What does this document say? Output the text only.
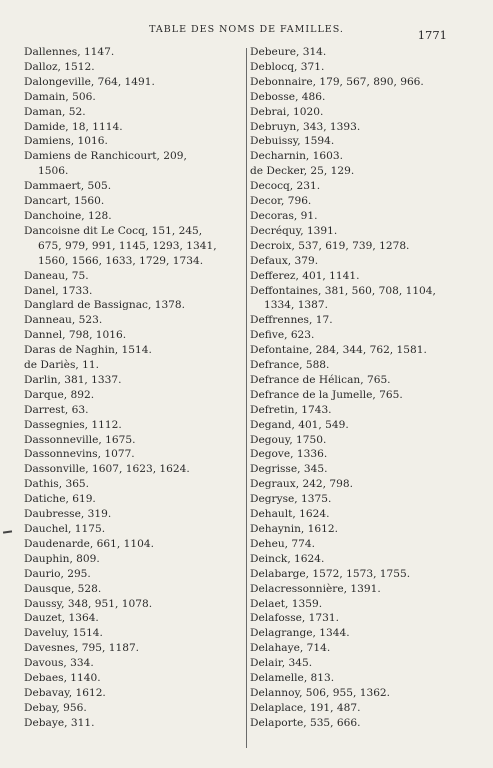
TABLE DES NOMS DE FAMILLES.	1771
Dallennes, 1147.
Dalloz, 1512.
Dalongeville, 764, 1491.
Damain, 506.
Daman, 52.
Damide, 18, 1114.
Damiens, 1016.
Damiens de Ranchicourt, 209,
1506.
Dammaert, 505.
Dancart, 1560.
Danchoine, 128.
Dancoisne dit Le Cocq, 151, 245,
675, 979, 991, 1145, 1293, 1341,
1560, 1566, 1633, 1729, 1734.
Daneau, 75.
Danel, 1733.
Danglard de Bassignac, 1378.
Danneau, 523.
Dannel, 798, 1016.
Daras de Naghin, 1514.
de Dariès, 11.
Darlin, 381, 1337.
Darque, 892.
Darrest, 63.
Dassegnies, 1112.
Dassonneville, 1675.
Dassonnevins, 1077.
Dassonville, 1607, 1623, 1624.
Dathis, 365.
Datiche, 619.
Daubresse, 319.
Dauchel, 1175.
Daudenarde, 661, 1104.
Dauphin, 809.
Daurio, 295.
Dausque, 528.
Daussy, 348, 951, 1078.
Dauzet, 1364.
Daveluy, 1514.
Davesnes, 795, 1187.
Davous, 334.
Debaes, 1140.
Debavay, 1612.
Debay, 956.
Debaye, 311.
Debeure, 314.
Deblocq, 371.
Debonnaire, 179, 567, 890, 966.
Debosse, 486.
Debrai, 1020.
Debruyn, 343, 1393.
Debuissy, 1594.
Decharnin, 1603.
de Decker, 25, 129.
Decocq, 231.
Decor, 796.
Decoras, 91.
Decréquy, 1391.
Decroix, 537, 619, 739, 1278.
Defaux, 379.
Defferez, 401, 1141.
Deffontaines, 381, 560, 708, 1104,
1334, 1387.
Deffrennes, 17.
Defive, 623.
Defontaine, 284, 344, 762, 1581.
Defrance, 588.
Defrance de Hélican, 765.
Defrance de la Jumelle, 765.
Defretin, 1743.
Degand, 401, 549.
Degouy, 1750.
Degove, 1336.
Degrisse, 345.
Degraux, 242, 798.
Degryse, 1375.
Dehault, 1624.
Dehaynin, 1612.
Deheu, 774.
Deinck, 1624.
Delabarge, 1572, 1573, 1755.
Delacressonnière, 1391.
Delaet, 1359.
Delafosse, 1731.
Delagrange, 1344.
Delahaye, 714.
Delair, 345.
Delamelle, 813.
Delannoy, 506, 955, 1362.
Delaplace, 191, 487.
Delaporte, 535, 666.
